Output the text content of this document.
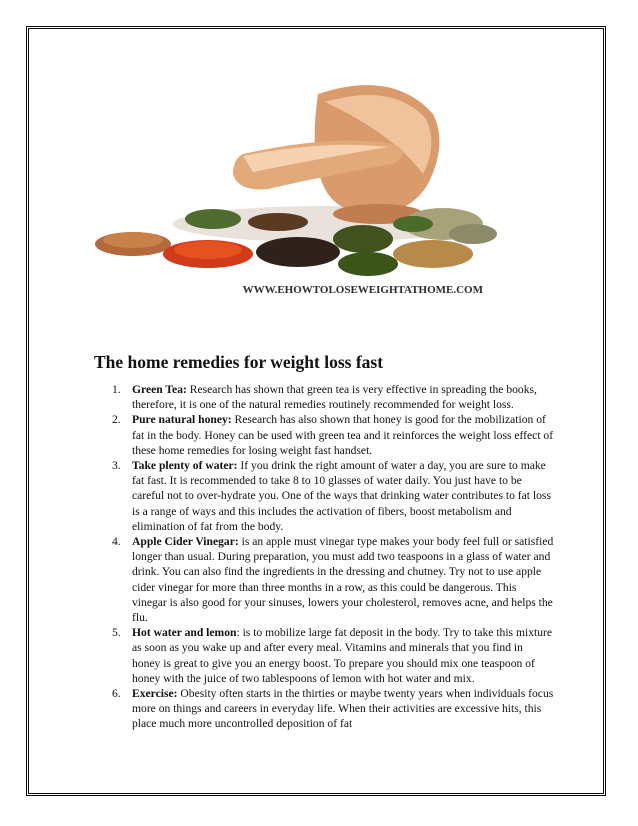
WWW.EHOWTOLOSEWEIGHTATHOME.COM
The home remedies for weight loss fast
1. Green Tea: Research has shown that green tea is very effective in spreading the books, therefore, it is one of the natural remedies routinely recommended for weight loss.
2. Pure natural honey: Research has also shown that honey is good for the mobilization of fat in the body. Honey can be used with green tea and it reinforces the weight loss effect of these home remedies for losing weight fast handset.
3. Take plenty of water: If you drink the right amount of water a day, you are sure to make fat fast. It is recommended to take 8 to 10 glasses of water daily. You just have to be careful not to over-hydrate you. One of the ways that drinking water contributes to fat loss is a range of ways and this includes the activation of fibers, boost metabolism and elimination of fat from the body.
4. Apple Cider Vinegar: is an apple must vinegar type makes your body feel full or satisfied longer than usual. During preparation, you must add two teaspoons in a glass of water and drink. You can also find the ingredients in the dressing and chutney. Try not to use apple cider vinegar for more than three months in a row, as this could be dangerous. This vinegar is also good for your sinuses, lowers your cholesterol, removes acne, and helps the flu.
5. Hot water and lemon: is to mobilize large fat deposit in the body. Try to take this mixture as soon as you wake up and after every meal. Vitamins and minerals that you find in honey is great to give you an energy boost. To prepare you should mix one teaspoon of honey with the juice of two tablespoons of lemon with hot water and mix.
6. Exercise: Obesity often starts in the thirties or maybe twenty years when individuals focus more on things and careers in everyday life. When their activities are excessive hits, this place much more uncontrolled deposition of fat
